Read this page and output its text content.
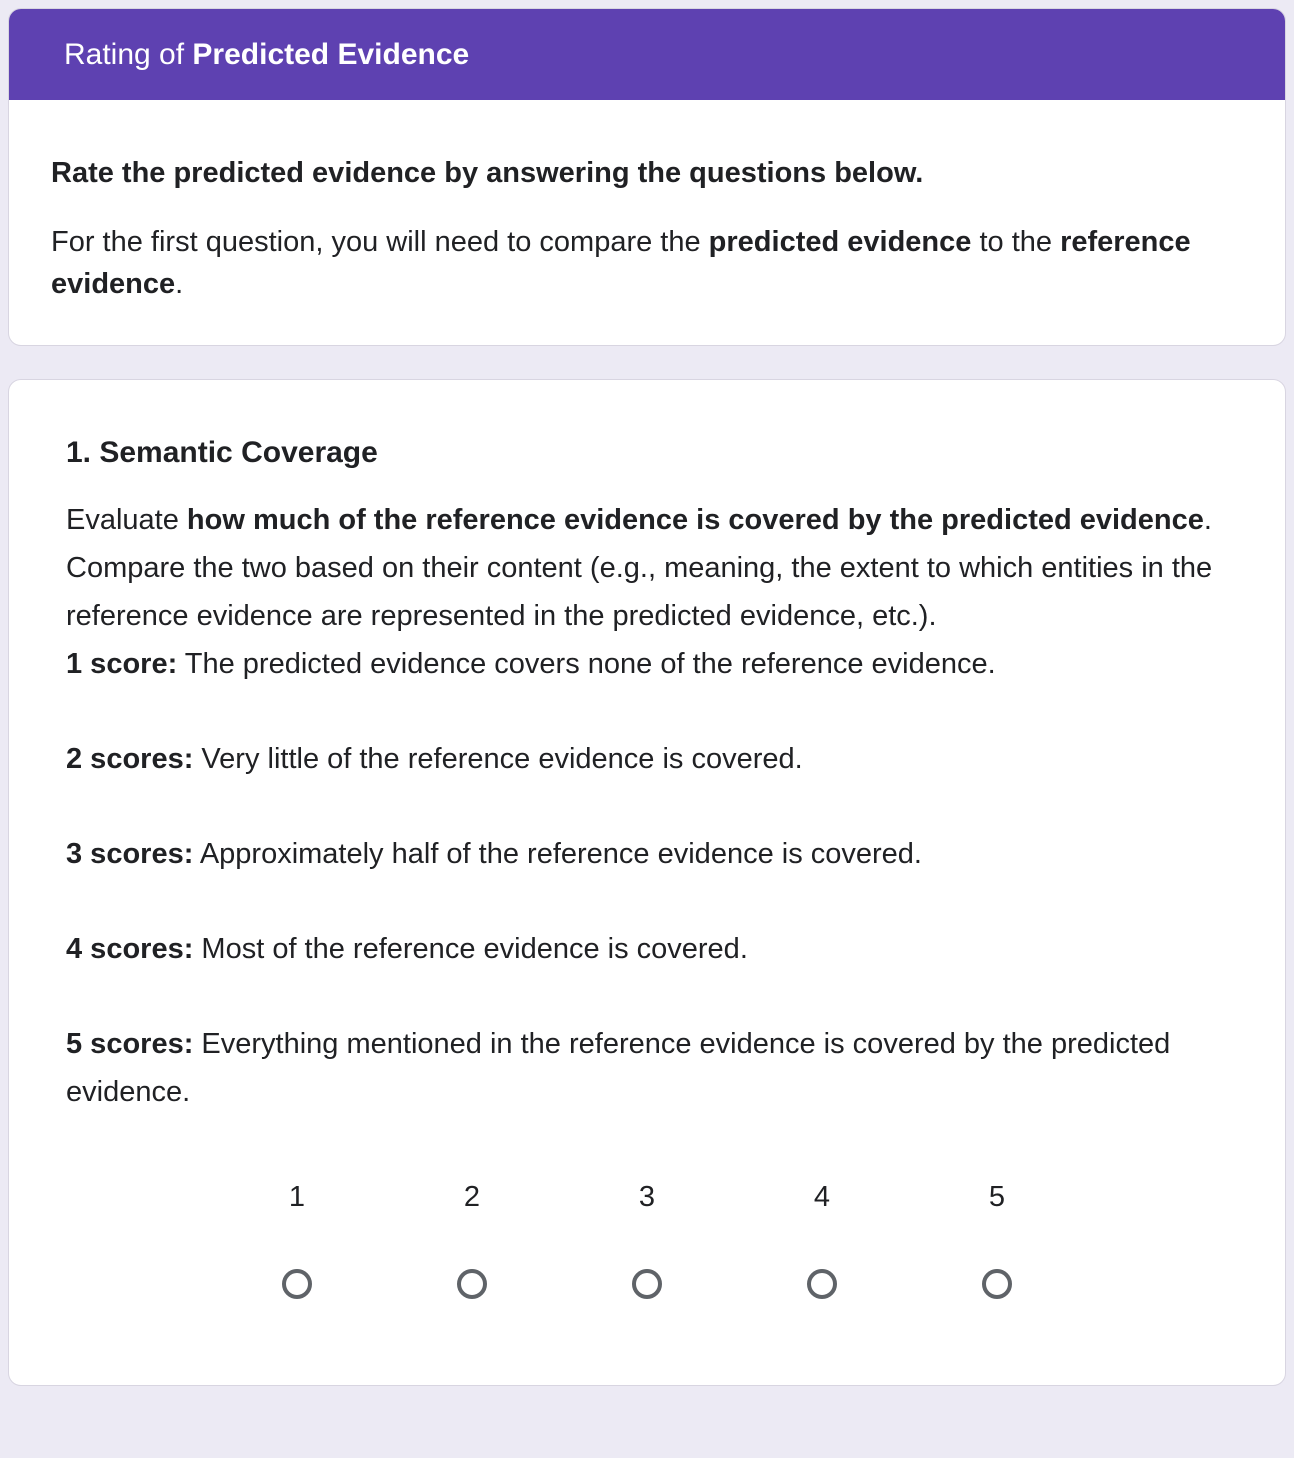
Rating of Predicted Evidence

Rate the predicted evidence by answering the questions below.

For the first question, you will need to compare the predicted evidence to the reference evidence.

1. Semantic Coverage

Evaluate how much of the reference evidence is covered by the predicted evidence. Compare the two based on their content (e.g., meaning, the extent to which entities in the reference evidence are represented in the predicted evidence, etc.).

1 score: The predicted evidence covers none of the reference evidence.

2 scores: Very little of the reference evidence is covered.

3 scores: Approximately half of the reference evidence is covered.

4 scores: Most of the reference evidence is covered.

5 scores: Everything mentioned in the reference evidence is covered by the predicted evidence.

1	2	3	4	5
